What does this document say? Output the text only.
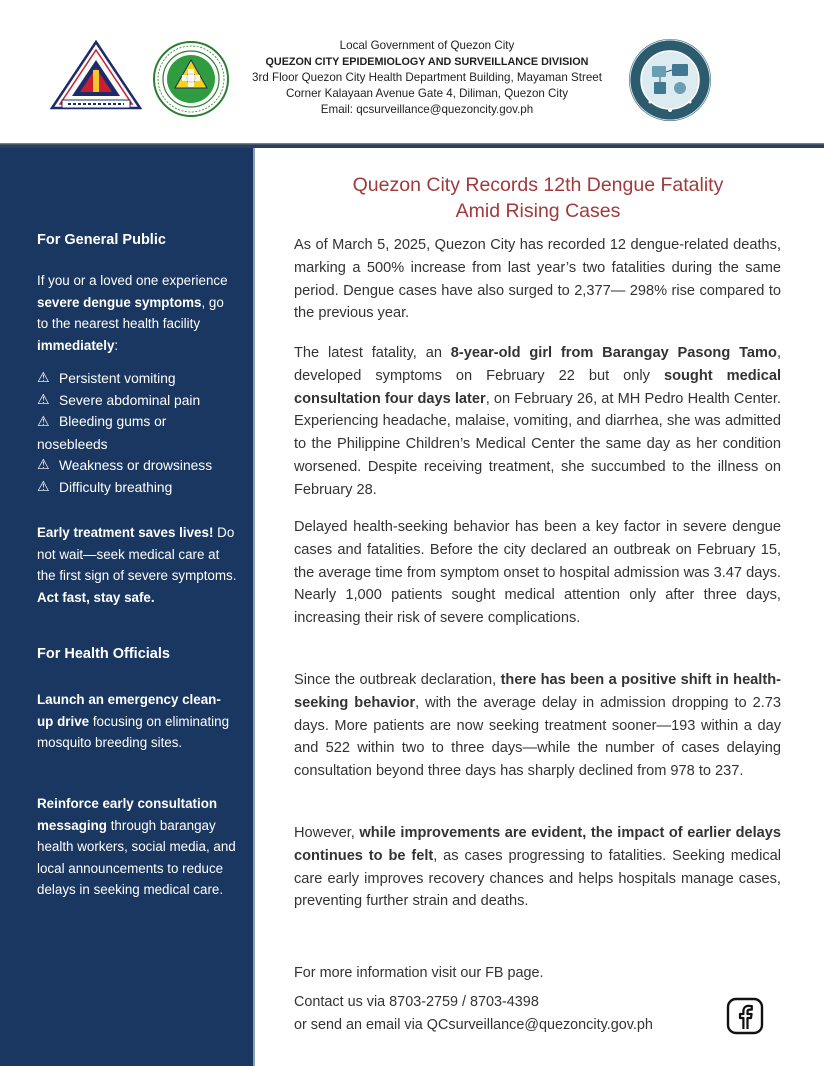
Local Government of Quezon City
QUEZON CITY EPIDEMIOLOGY AND SURVEILLANCE DIVISION
3rd Floor Quezon City Health Department Building, Mayaman Street
Corner Kalayaan Avenue Gate 4, Diliman, Quezon City
Email: qcsurveillance@quezoncity.gov.ph
For General Public
If you or a loved one experience severe dengue symptoms, go to the nearest health facility immediately:
⚠ Persistent vomiting
⚠ Severe abdominal pain
⚠ Bleeding gums or nosebleeds
⚠ Weakness or drowsiness
⚠ Difficulty breathing
Early treatment saves lives! Do not wait—seek medical care at the first sign of severe symptoms. Act fast, stay safe.
For Health Officials
Launch an emergency clean-up drive focusing on eliminating mosquito breeding sites.
Reinforce early consultation messaging through barangay health workers, social media, and local announcements to reduce delays in seeking medical care.
Quezon City Records 12th Dengue Fatality
Amid Rising Cases
As of March 5, 2025, Quezon City has recorded 12 dengue-related deaths, marking a 500% increase from last year’s two fatalities during the same period. Dengue cases have also surged to 2,377— 298% rise compared to the previous year.
The latest fatality, an 8-year-old girl from Barangay Pasong Tamo, developed symptoms on February 22 but only sought medical consultation four days later, on February 26, at MH Pedro Health Center. Experiencing headache, malaise, vomiting, and diarrhea, she was admitted to the Philippine Children’s Medical Center the same day as her condition worsened. Despite receiving treatment, she succumbed to the illness on February 28.
Delayed health-seeking behavior has been a key factor in severe dengue cases and fatalities. Before the city declared an outbreak on February 15, the average time from symptom onset to hospital admission was 3.47 days. Nearly 1,000 patients sought medical attention only after three days, increasing their risk of severe complications.
Since the outbreak declaration, there has been a positive shift in health-seeking behavior, with the average delay in admission dropping to 2.73 days. More patients are now seeking treatment sooner—193 within a day and 522 within two to three days—while the number of cases delaying consultation beyond three days has sharply declined from 978 to 237.
However, while improvements are evident, the impact of earlier delays continues to be felt, as cases progressing to fatalities. Seeking medical care early improves recovery chances and helps hospitals manage cases, preventing further strain and deaths.
For more information visit our FB page.
Contact us via 8703-2759 / 8703-4398
or send an email via QCsurveillance@quezoncity.gov.ph
